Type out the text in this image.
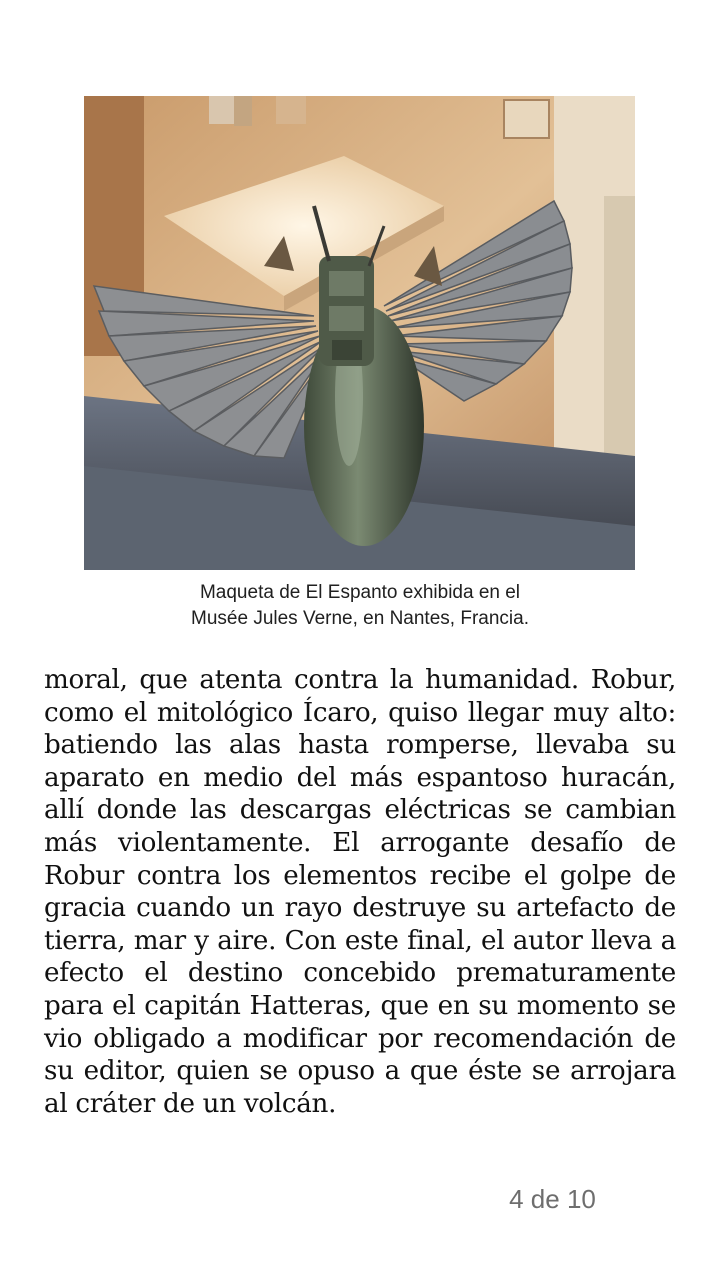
Maqueta de El Espanto exhibida en el
Musée Jules Verne, en Nantes, Francia.
moral, que atenta contra la humanidad. Robur,
como el mitológico Ícaro, quiso llegar muy alto:
batiendo las alas hasta romperse, llevaba su
aparato en medio del más espantoso huracán,
allí donde las descargas eléctricas se cambian
más violentamente. El arrogante desafío de
Robur contra los elementos recibe el golpe de
gracia cuando un rayo destruye su artefacto de
tierra, mar y aire. Con este final, el autor lleva a
efecto el destino concebido prematuramente
para el capitán Hatteras, que en su momento se
vio obligado a modificar por recomendación de
su editor, quien se opuso a que éste se arrojara
al cráter de un volcán.
4 de 10
